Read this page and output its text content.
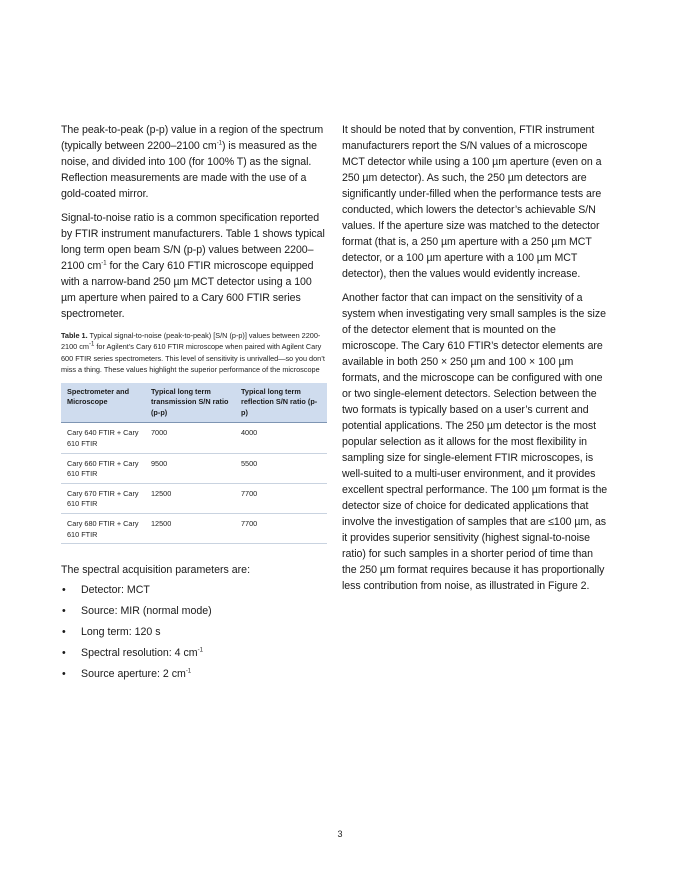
The peak-to-peak (p-p) value in a region of the spectrum (typically between 2200–2100 $cm^{-1}$) is measured as the noise, and divided into 100 (for 100% T) as the signal. Reflection measurements are made with the use of a gold-coated mirror.

Signal-to-noise ratio is a common specification reported by FTIR instrument manufacturers. Table 1 shows typical long term open beam S/N (p-p) values between 2200–2100 $cm^{-1}$ for the Cary 610 FTIR microscope equipped with a narrow-band 250 µm MCT detector using a 100 µm aperture when paired to a Cary 600 FTIR series spectrometer.

Table 1. Typical signal-to-noise (peak-to-peak) [S/N (p-p)] values between 2200-2100 $cm^{-1}$ for Agilent’s Cary 610 FTIR microscope when paired with Agilent Cary 600 FTIR series spectrometers. This level of sensitivity is unrivalled—so you don’t miss a thing. These values highlight the superior performance of the microscope

Spectrometer and Microscope	Typical long term transmission S/N ratio (p-p)	Typical long term reflection S/N ratio (p-p)
Cary 640 FTIR + Cary 610 FTIR	7000	4000
Cary 660 FTIR + Cary 610 FTIR	9500	5500
Cary 670 FTIR + Cary 610 FTIR	12500	7700
Cary 680 FTIR + Cary 610 FTIR	12500	7700

The spectral acquisition parameters are:

• Detector: MCT
• Source: MIR (normal mode)
• Long term: 120 s
• Spectral resolution: 4 $cm^{-1}$
• Source aperture: 2 $cm^{-1}$

It should be noted that by convention, FTIR instrument manufacturers report the S/N values of a microscope MCT detector while using a 100 µm aperture (even on a 250 µm detector). As such, the 250 µm detectors are significantly under-filled when the performance tests are conducted, which lowers the detector’s achievable S/N values. If the aperture size was matched to the detector format (that is, a 250 µm aperture with a 250 µm MCT detector, or a 100 µm aperture with a 100 µm MCT detector), then the values would evidently increase.

Another factor that can impact on the sensitivity of a system when investigating very small samples is the size of the detector element that is mounted on the microscope. The Cary 610 FTIR’s detector elements are available in both 250 × 250 µm and 100 × 100 µm formats, and the microscope can be configured with one or two single-element detectors. Selection between the two formats is typically based on a user’s current and potential applications. The 250 µm detector is the most popular selection as it allows for the most flexibility in sampling size for single-element FTIR microscopes, is well-suited to a multi-user environment, and it provides excellent spectral performance. The 100 µm format is the detector size of choice for dedicated applications that involve the investigation of samples that are ≤100 µm, as it provides superior sensitivity (highest signal-to-noise ratio) for such samples in a shorter period of time than the 250 µm format requires because it has proportionally less contribution from noise, as illustrated in Figure 2.

3
